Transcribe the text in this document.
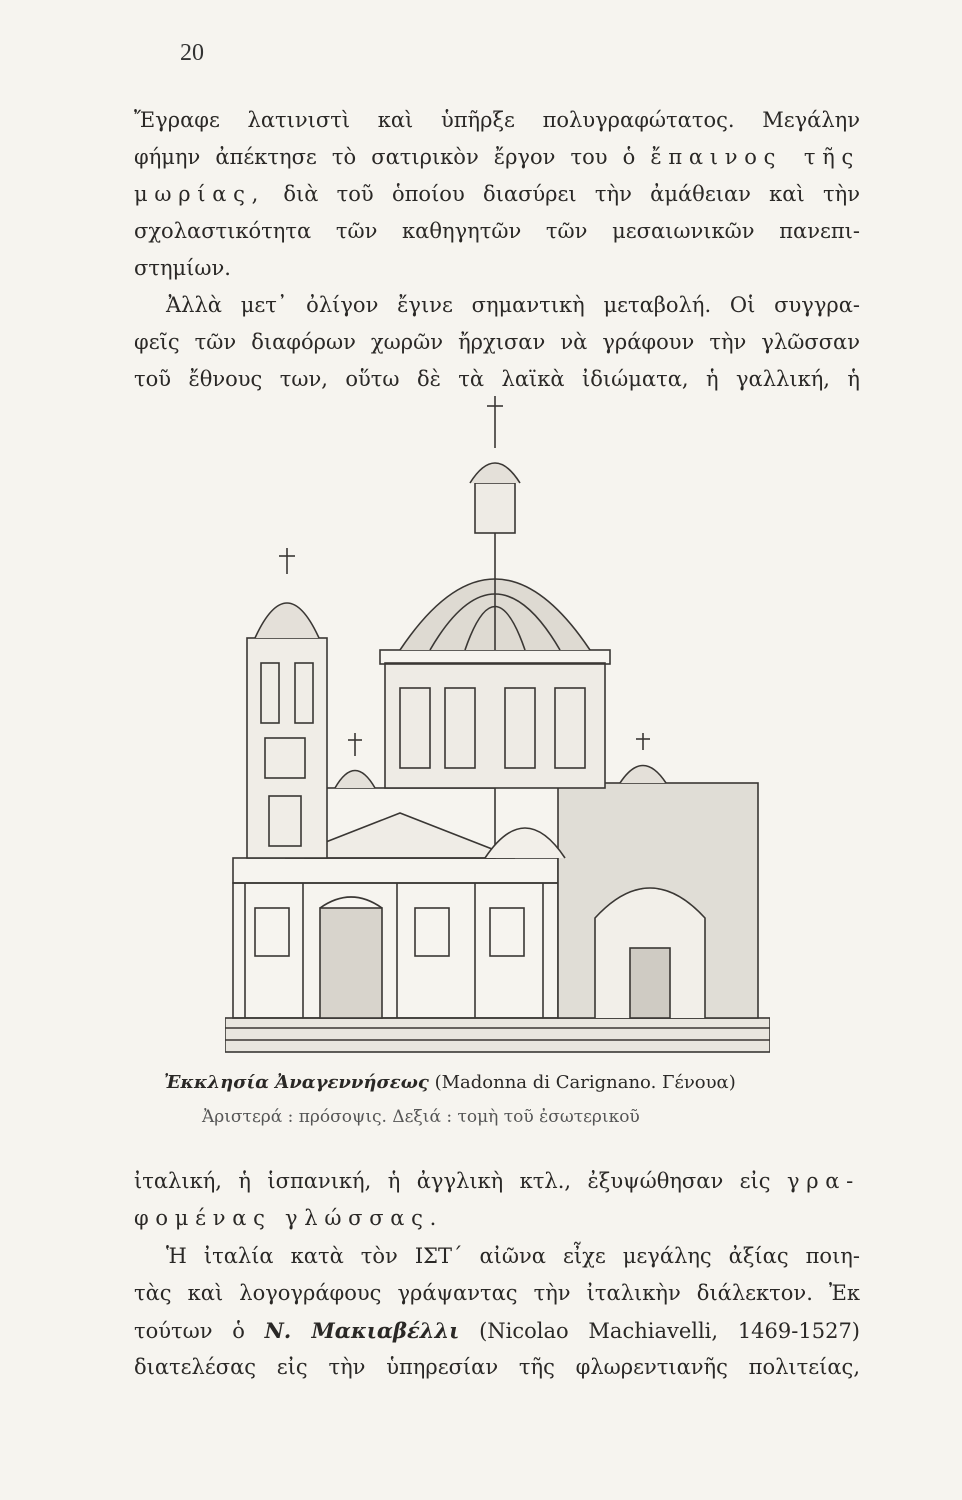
20
Ἔγραφε λατινιστὶ καὶ ὑπῆρξε πολυγραφώτατος. Μεγάλην
φήμην ἀπέκτησε τὸ σατιρικὸν ἔργον του ὁ ἔπαινος τῆς
μωρίας, διὰ τοῦ ὁποίου διασύρει τὴν ἀμάθειαν καὶ τὴν
σχολαστικότητα τῶν καθηγητῶν τῶν μεσαιωνικῶν πανεπι-
στημίων.
Ἀλλὰ μετ᾽ ὀλίγον ἔγινε σημαντικὴ μεταβολή. Οἱ συγγρα-
φεῖς τῶν διαφόρων χωρῶν ἤρχισαν νὰ γράφουν τὴν γλῶσσαν
τοῦ ἔθνους των, οὕτω δὲ τὰ λαϊκὰ ἰδιώματα, ἡ γαλλική, ἡ
Ἐκκλησία Ἀναγεννήσεως (Madonna di Carignano. Γένουα)
Ἀριστερά : πρόσοψις. Δεξιά : τομὴ τοῦ ἐσωτερικοῦ
ἰταλική, ἡ ἱσπανική, ἡ ἀγγλικὴ κτλ., ἐξυψώθησαν εἰς γρα-
φομένας γλώσσας.
Ἡ ἰταλία κατὰ τὸν ΙΣΤ´ αἰῶνα εἶχε μεγάλης ἀξίας ποιη-
τὰς καὶ λογογράφους γράψαντας τὴν ἰταλικὴν διάλεκτον. Ἐκ
τούτων ὁ Ν. Μακιαβέλλι (Nicolao Machiavelli, 1469-1527)
διατελέσας εἰς τὴν ὑπηρεσίαν τῆς φλωρεντιανῆς πολιτείας,
